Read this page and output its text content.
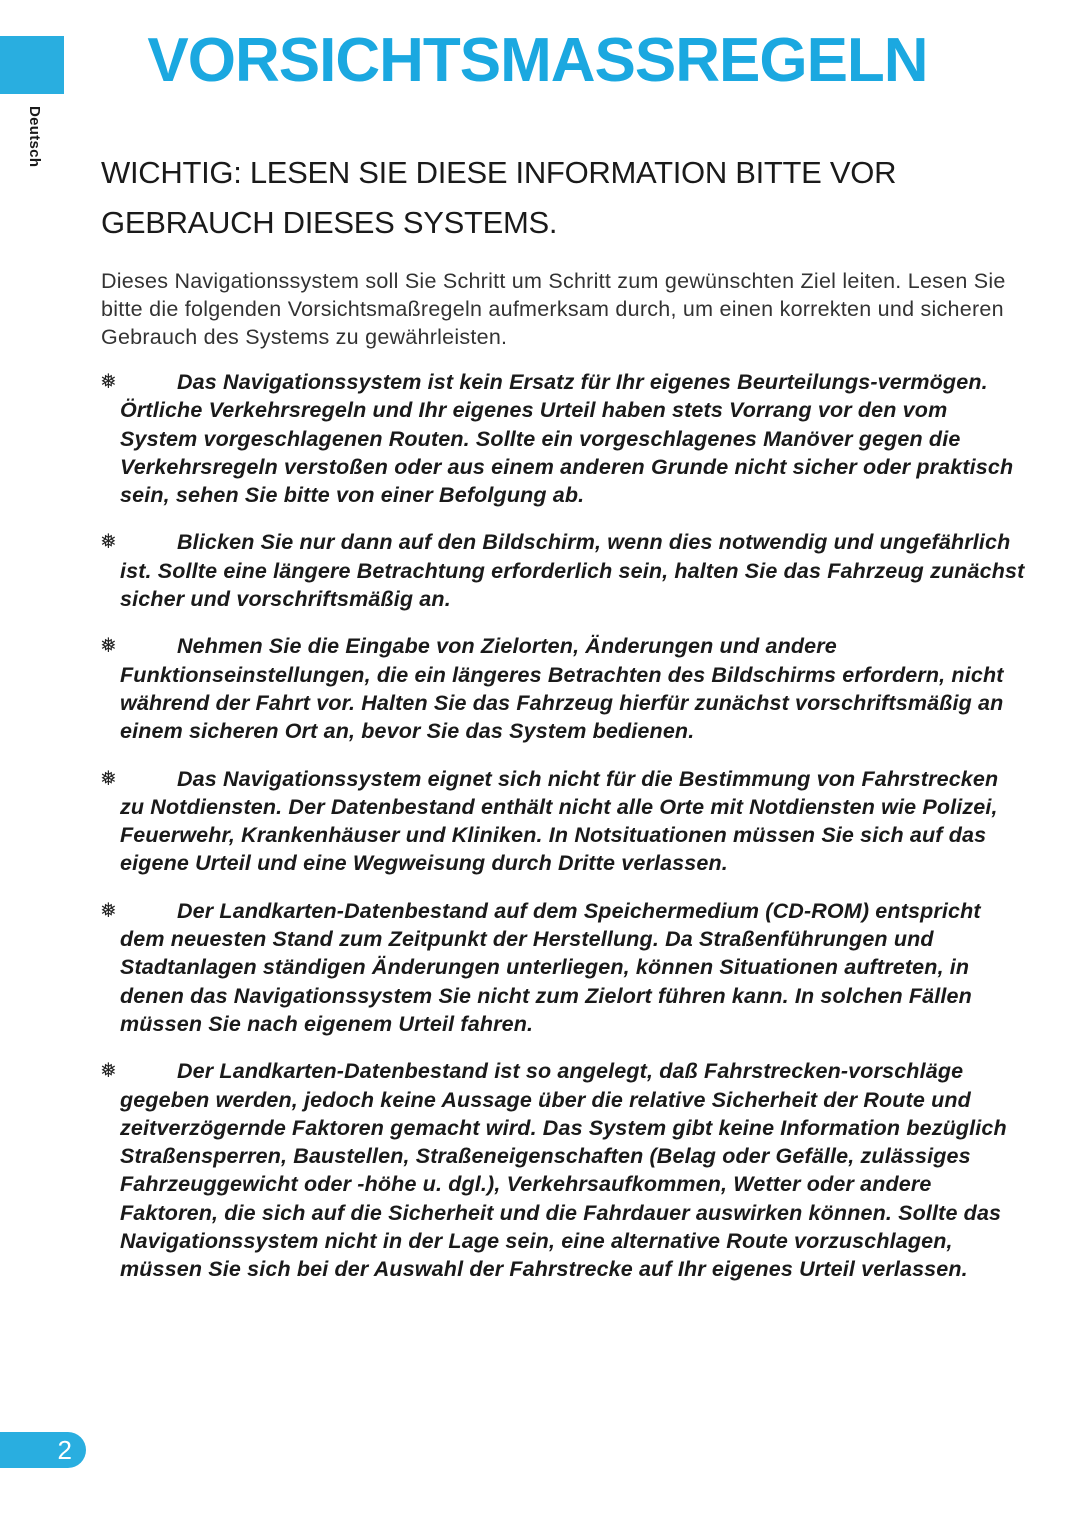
Deutsch
VORSICHTSMASSREGELN
WICHTIG: LESEN SIE DIESE INFORMATION BITTE VOR GEBRAUCH DIESES SYSTEMS.

Dieses Navigationssystem soll Sie Schritt um Schritt zum gewünschten Ziel leiten. Lesen Sie bitte die folgenden Vorsichtsmaßregeln aufmerksam durch, um einen korrekten und sicheren Gebrauch des Systems zu gewährleisten.

❅	Das Navigationssystem ist kein Ersatz für Ihr eigenes Beurteilungs-vermögen. Örtliche Verkehrsregeln und Ihr eigenes Urteil haben stets Vorrang vor den vom System vorgeschlagenen Routen. Sollte ein vorgeschlagenes Manöver gegen die Verkehrsregeln verstoßen oder aus einem anderen Grunde nicht sicher oder praktisch sein, sehen Sie bitte von einer Befolgung ab.
❅	Blicken Sie nur dann auf den Bildschirm, wenn dies notwendig und ungefährlich ist. Sollte eine längere Betrachtung erforderlich sein, halten Sie das Fahrzeug zunächst sicher und vorschriftsmäßig an.
❅	Nehmen Sie die Eingabe von Zielorten, Änderungen und andere Funktionseinstellungen, die ein längeres Betrachten des Bildschirms erfordern, nicht während der Fahrt vor. Halten Sie das Fahrzeug hierfür zunächst vorschriftsmäßig an einem sicheren Ort an, bevor Sie das System bedienen.
❅	Das Navigationssystem eignet sich nicht für die Bestimmung von Fahrstrecken zu Notdiensten. Der Datenbestand enthält nicht alle Orte mit Notdiensten wie Polizei, Feuerwehr, Krankenhäuser und Kliniken. In Notsituationen müssen Sie sich auf das eigene Urteil und eine Wegweisung durch Dritte verlassen.
❅	Der Landkarten-Datenbestand auf dem Speichermedium (CD-ROM) entspricht dem neuesten Stand zum Zeitpunkt der Herstellung. Da Straßenführungen und Stadtanlagen ständigen Änderungen unterliegen, können Situationen auftreten, in denen das Navigationssystem Sie nicht zum Zielort führen kann. In solchen Fällen müssen Sie nach eigenem Urteil fahren.
❅	Der Landkarten-Datenbestand ist so angelegt, daß Fahrstrecken-vorschläge gegeben werden, jedoch keine Aussage über die relative Sicherheit der Route und zeitverzögernde Faktoren gemacht wird. Das System gibt keine Information bezüglich Straßensperren, Baustellen, Straßeneigenschaften (Belag oder Gefälle, zulässiges Fahrzeuggewicht oder -höhe u. dgl.), Verkehrsaufkommen, Wetter oder andere Faktoren, die sich auf die Sicherheit und die Fahrdauer auswirken können. Sollte das Navigationssystem nicht in der Lage sein, eine alternative Route vorzuschlagen, müssen Sie sich bei der Auswahl der Fahrstrecke auf Ihr eigenes Urteil verlassen.
2
